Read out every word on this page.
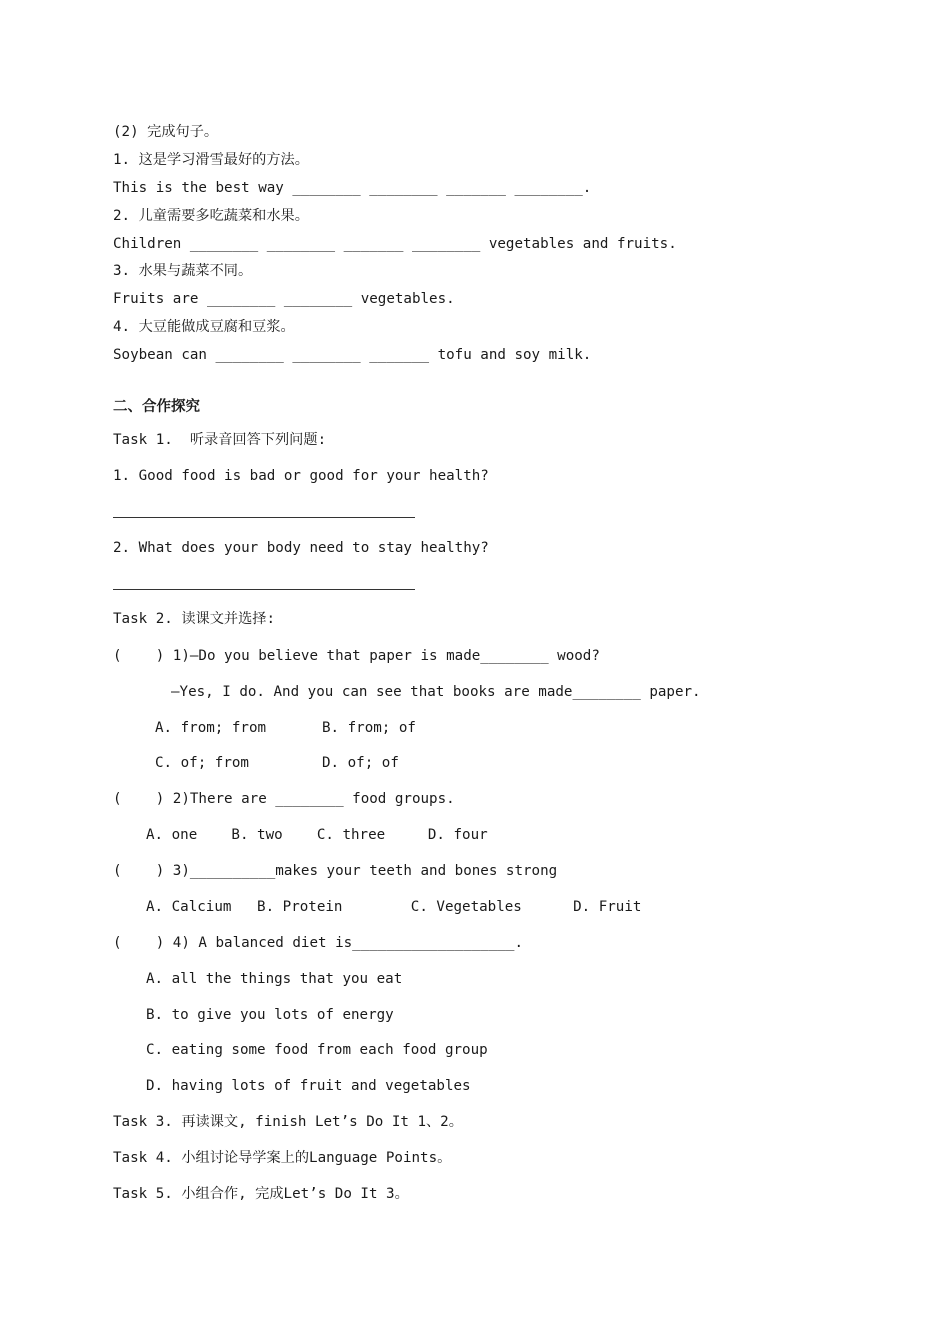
(2) 完成句子。
1. 这是学习滑雪最好的方法。
This is the best way ________ ________ _______ ________.
2. 儿童需要多吃蔬菜和水果。
Children ________ ________ _______ ________ vegetables and fruits.
3. 水果与蔬菜不同。
Fruits are ________ ________ vegetables.
4. 大豆能做成豆腐和豆浆。
Soybean can ________ ________ _______ tofu and soy milk.
二、合作探究
Task 1.  听录音回答下列问题:
1. Good food is bad or good for your health?
2. What does your body need to stay healthy?
Task 2. 读课文并选择:
(    ) 1)—Do you believe that paper is made________ wood?
—Yes, I do. And you can see that books are made________ paper.
A. from; from	B. from; of
C. of; from	D. of; of
(    ) 2)There are ________ food groups.
A. one    B. two    C. three     D. four
(    ) 3)__________makes your teeth and bones strong
A. Calcium   B. Protein        C. Vegetables      D. Fruit
(    ) 4) A balanced diet is___________________.
A. all the things that you eat
B. to give you lots of energy
C. eating some food from each food group
D. having lots of fruit and vegetables
Task 3. 再读课文, finish Let’s Do It 1、2。
Task 4. 小组讨论导学案上的Language Points。
Task 5. 小组合作, 完成Let’s Do It 3。
